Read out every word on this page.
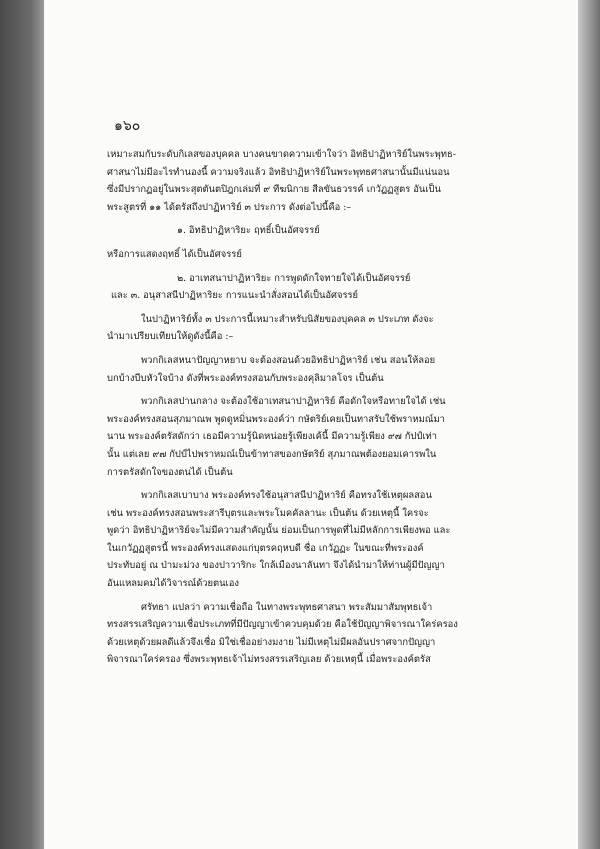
๑๖๐
เหมาะสมกับระดับกิเลสของบุคคล บางคนขาดความเข้าใจว่า อิทธิปาฏิหาริย์ในพระพุทธ-
ศาสนาไม่มีอะไรทำนองนี้ ความจริงแล้ว อิทธิปาฏิหาริย์ในพระพุทธศาสนานั้นมีแน่นอน
ซึ่งมีปรากฏอยู่ในพระสุตตันตปิฎกเล่มที่ ๙ ทีฆนิกาย สีลขันธวรรค์ เกวัฏฏสูตร อันเป็น
พระสูตรที่ ๑๑ ได้ตรัสถึงปาฏิหาริย์ ๓ ประการ ดังต่อไปนี้คือ :–
๑. อิทธิปาฏิหาริยะ ฤทธิ์เป็นอัศจรรย์
หรือการแสดงฤทธิ์ ได้เป็นอัศจรรย์
๒. อาเทสนาปาฏิหาริยะ การพูดดักใจทายใจได้เป็นอัศจรรย์
และ ๓. อนุสาสนีปาฏิหาริยะ การแนะนำสั่งสอนได้เป็นอัศจรรย์
ในปาฏิหาริย์ทั้ง ๓ ประการนี้เหมาะสำหรับนิสัยของบุคคล ๓ ประเภท ดังจะ
นำมาเปรียบเทียบให้ดูดังนี้คือ :–
พวกกิเลสหนาปัญญาหยาบ จะต้องสอนด้วยอิทธิปาฏิหาริย์ เช่น สอนให้ลอย
บกบ้างบีบหัวใจบ้าง ดังที่พระองค์ทรงสอนกับพระองคุลิมาลโจร เป็นต้น
พวกกิเลสปานกลาง จะต้องใช้อาเทสนาปาฏิหาริย์ คือดักใจหรือทายใจได้ เช่น
พระองค์ทรงสอนสุภมาณพ พูดดูหมิ่นพระองค์ว่า กษัตริย์เคยเป็นทาสรับใช้พราหมณ์มา
นาน พระองค์ตรัสดักว่า เธอมีความรู้นิดหน่อยรู้เพียงเค้นี้ มีความรู้เพียง ๙๗ กัปป์เท่า
นั้น แต่เลย ๙๗ กัปป์ไปพราหมณ์เป็นข้าทาสของกษัตริย์ สุภมาณพต้องยอมเคารพใน
การตรัสดักใจของตนได้ เป็นต้น
พวกกิเลสเบาบาง พระองค์ทรงใช้อนุสาสนีปาฏิหาริย์ คือทรงใช้เหตุผลสอน
เช่น พระองค์ทรงสอนพระสารีบุตรและพระโมคคัลลานะ เป็นต้น ด้วยเหตุนี้ ใครจะ
พูดว่า อิทธิปาฏิหาริย์จะไม่มีความสำคัญนั้น ย่อมเป็นการพูดที่ไม่มีหลักการเพียงพอ และ
ในเกวัฏฏสูตรนี้ พระองค์ทรงแสดงแก่บุตรคฤหบดี ชื่อ เกวัฏฏะ ในขณะที่พระองค์
ประทับอยู่ ณ ป่ามะม่วง ของปาวาริกะ ใกล้เมืองนาลันทา จึงได้นำมาให้ท่านผู้มีปัญญา
อันแหลมคมได้วิจารณ์ด้วยตนเอง
ศรัทธา แปลว่า ความเชื่อถือ ในทางพระพุทธศาสนา พระสัมมาสัมพุทธเจ้า
ทรงสรรเสริญความเชื่อประเภทที่มีปัญญาเข้าควบคุมด้วย คือใช้ปัญญาพิจารณาใคร่ครอง
ด้วยเหตุด้วยผลดีแล้วจึงเชื่อ มิใช่เชื่ออย่างมงาย ไม่มีเหตุไม่มีผลอันปราศจากปัญญา
พิจารณาใคร่ครอง ซึ่งพระพุทธเจ้าไม่ทรงสรรเสริญเลย ด้วยเหตุนี้ เมื่อพระองค์ตรัส
